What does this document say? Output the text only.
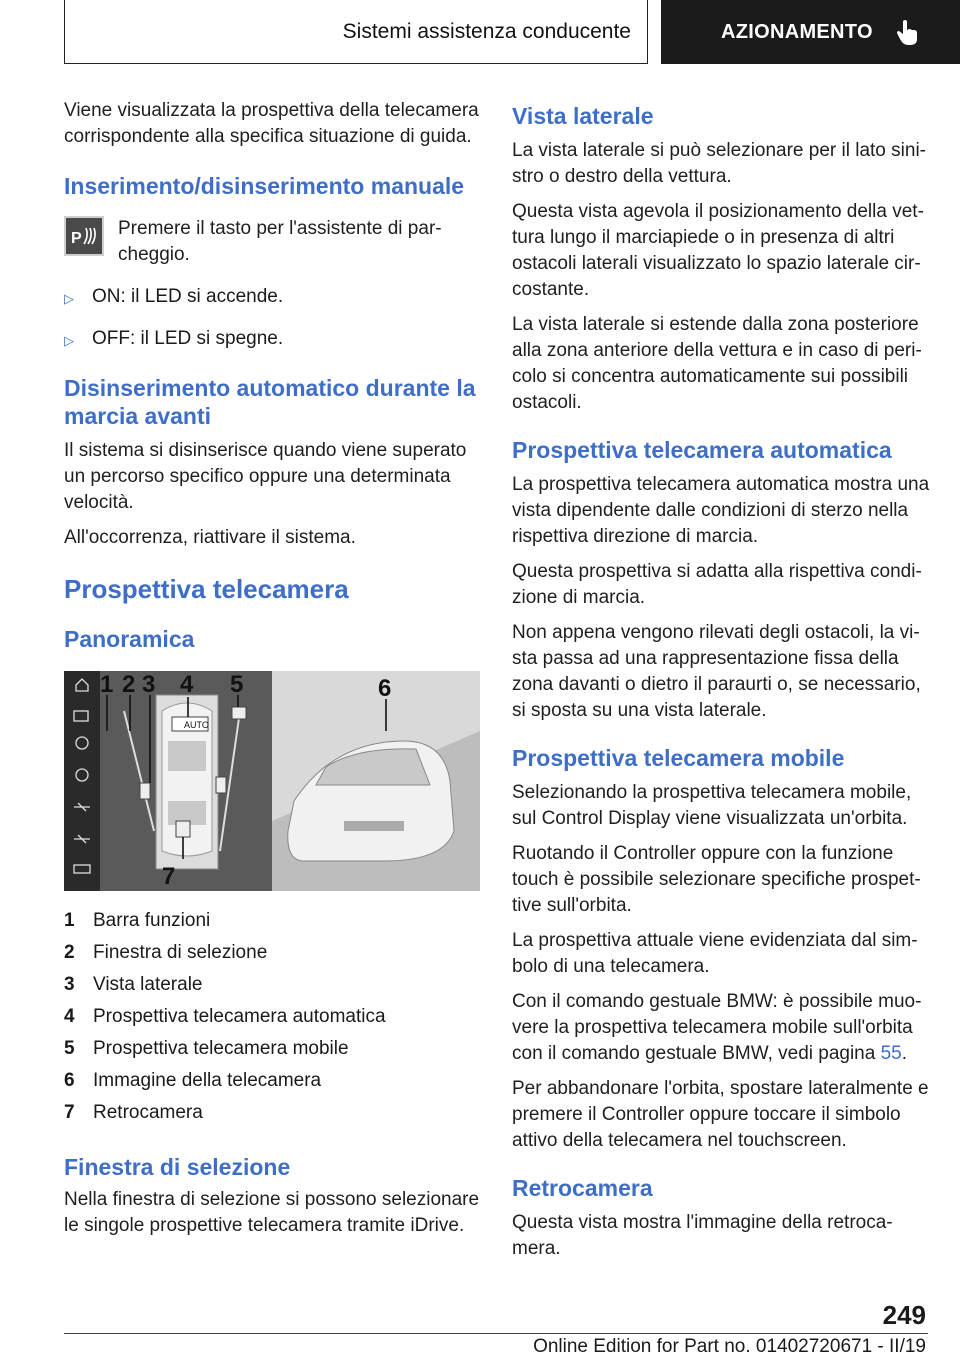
Sistemi assistenza conducente	AZIONAMENTO

Viene visualizzata la prospettiva della telecamera corrispondente alla specifica situazione di guida.

Inserimento/disinserimento manuale
P Premere il tasto per l'assistente di par-cheggio.

▷ ON: il LED si accende.
▷ OFF: il LED si spegne.
Disinserimento automatico durante la marcia avanti

Il sistema si disinserisce quando viene superato un percorso specifico oppure una determinata velocità.

All'occorrenza, riattivare il sistema.

Prospettiva telecamera
Panoramica
AUTO
1 2 3 4 5	6
7
1 Barra funzioni
2 Finestra di selezione
3 Vista laterale
4 Prospettiva telecamera automatica
5 Prospettiva telecamera mobile
6 Immagine della telecamera
7 Retrocamera
Finestra di selezione

Nella finestra di selezione si possono selezionare le singole prospettive telecamera tramite iDrive.

Vista laterale

La vista laterale si può selezionare per il lato sini-stro o destro della vettura.

Questa vista agevola il posizionamento della vet-tura lungo il marciapiede o in presenza di altri ostacoli laterali visualizzato lo spazio laterale cir-costante.

La vista laterale si estende dalla zona posteriore alla zona anteriore della vettura e in caso di peri-colo si concentra automaticamente sui possibili ostacoli.

Prospettiva telecamera automatica

La prospettiva telecamera automatica mostra una vista dipendente dalle condizioni di sterzo nella rispettiva direzione di marcia.

Questa prospettiva si adatta alla rispettiva condi-zione di marcia.

Non appena vengono rilevati degli ostacoli, la vi-sta passa ad una rappresentazione fissa della zona davanti o dietro il paraurti o, se necessario, si sposta su una vista laterale.

Prospettiva telecamera mobile

Selezionando la prospettiva telecamera mobile, sul Control Display viene visualizzata un'orbita.

Ruotando il Controller oppure con la funzione touch è possibile selezionare specifiche prospet-tive sull'orbita.

La prospettiva attuale viene evidenziata dal sim-bolo di una telecamera.

Con il comando gestuale BMW: è possibile muo-vere la prospettiva telecamera mobile sull'orbita con il comando gestuale BMW, vedi pagina 55.

Per abbandonare l'orbita, spostare lateralmente e premere il Controller oppure toccare il simbolo attivo della telecamera nel touchscreen.

Retrocamera

Questa vista mostra l'immagine della retroca-mera.

249
Online Edition for Part no. 01402720671 - II/19
